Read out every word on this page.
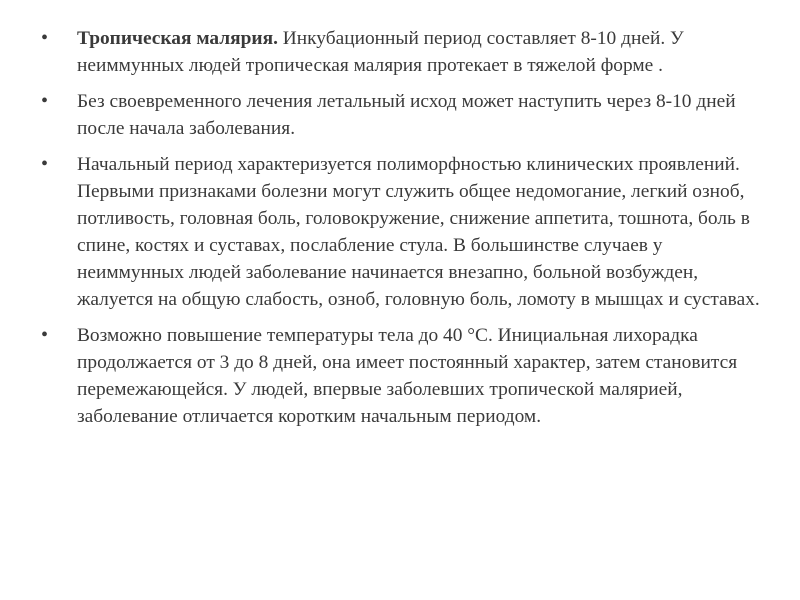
•	Тропическая малярия. Инкубационный период составляет 8-10 дней. У неиммунных людей тропическая малярия протекает в тяжелой форме .
•	Без своевременного лечения летальный исход может наступить через 8-10 дней после начала заболевания.
•	Начальный период характеризуется полиморфностью клинических проявлений. Первыми признаками болезни могут служить общее недомогание, легкий озноб, потливость, головная боль, головокружение, снижение аппетита, тошнота, боль в спине, костях и суставах, послабление стула. В большинстве случаев у неиммунных людей заболевание начинается внезапно, больной возбужден, жалуется на общую слабость, озноб, головную боль, ломоту в мышцах и суставах.
•	Возможно повышение температуры тела до 40 °С. Инициальная лихорадка продолжается от 3 до 8 дней, она имеет постоянный характер, затем становится перемежающейся. У людей, впервые заболевших тропической малярией, заболевание отличается коротким начальным периодом.
